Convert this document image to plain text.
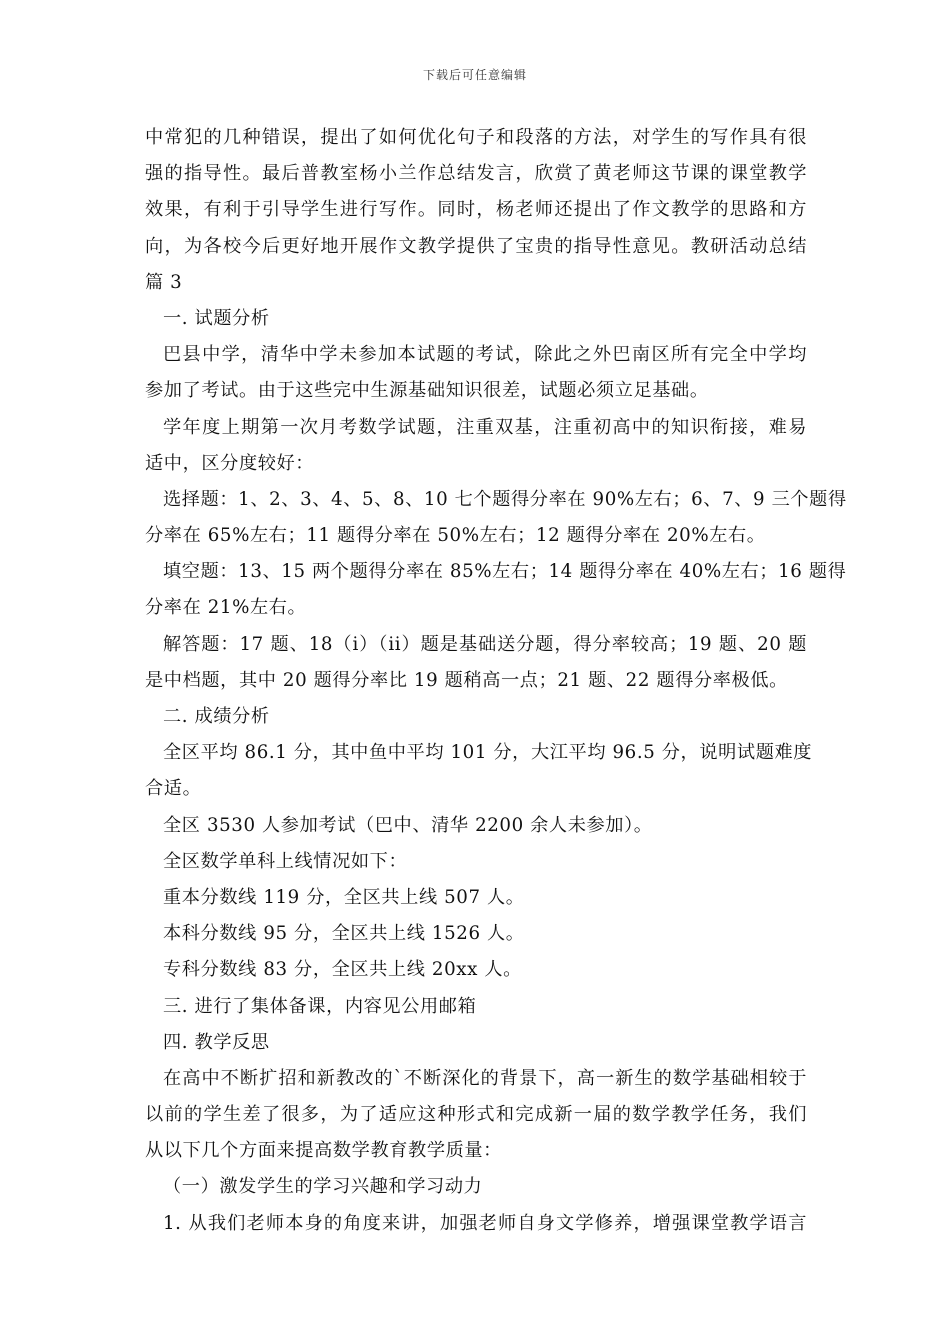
下载后可任意编辑
中常犯的几种错误，提出了如何优化句子和段落的方法，对学生的写作具有很
强的指导性。最后普教室杨小兰作总结发言，欣赏了黄老师这节课的课堂教学
效果，有利于引导学生进行写作。同时，杨老师还提出了作文教学的思路和方
向，为各校今后更好地开展作文教学提供了宝贵的指导性意见。教研活动总结
篇 3
一. 试题分析
巴县中学，清华中学未参加本试题的考试，除此之外巴南区所有完全中学均
参加了考试。由于这些完中生源基础知识很差，试题必须立足基础。
学年度上期第一次月考数学试题，注重双基，注重初高中的知识衔接，难易
适中，区分度较好：
选择题：1、2、3、4、5、8、10 七个题得分率在 90%左右；6、7、9 三个题得
分率在 65%左右；11 题得分率在 50%左右；12 题得分率在 20%左右。
填空题：13、15 两个题得分率在 85%左右；14 题得分率在 40%左右；16 题得
分率在 21%左右。
解答题：17 题、18（i）（ii）题是基础送分题，得分率较高；19 题、20 题
是中档题，其中 20 题得分率比 19 题稍高一点；21 题、22 题得分率极低。
二. 成绩分析
全区平均 86.1 分，其中鱼中平均 101 分，大江平均 96.5 分，说明试题难度
合适。
全区 3530 人参加考试（巴中、清华 2200 余人未参加）。
全区数学单科上线情况如下：
重本分数线 119 分，全区共上线 507 人。
本科分数线 95 分，全区共上线 1526 人。
专科分数线 83 分，全区共上线 20xx 人。
三. 进行了集体备课，内容见公用邮箱
四. 教学反思
在高中不断扩招和新教改的`不断深化的背景下，高一新生的数学基础相较于
以前的学生差了很多，为了适应这种形式和完成新一届的数学教学任务，我们
从以下几个方面来提高数学教育教学质量：
（一）激发学生的学习兴趣和学习动力
1. 从我们老师本身的角度来讲，加强老师自身文学修养，增强课堂教学语言
